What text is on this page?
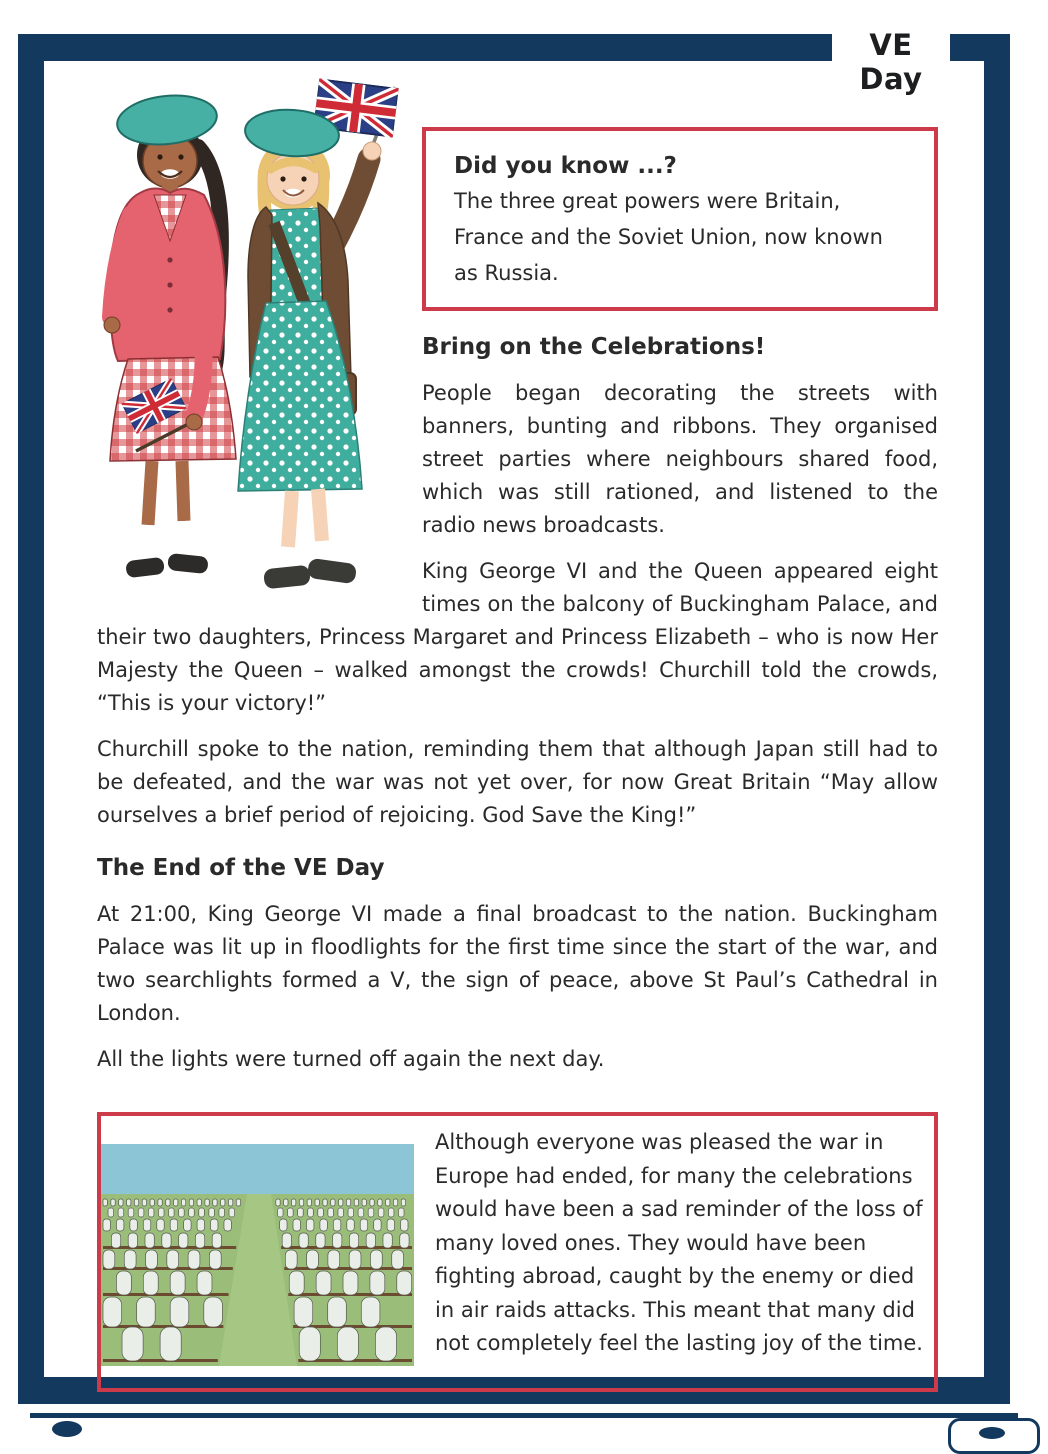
VE Day
Did you know ...?
The three great powers were Britain, France and the Soviet Union, now known as Russia.
Bring on the Celebrations!

People began decorating the streets with banners, bunting and ribbons. They organised street parties where neighbours shared food, which was still rationed, and listened to the radio news broadcasts.

King George VI and the Queen appeared eight times on the balcony of Buckingham Palace, and their two daughters, Princess Margaret and Princess Elizabeth – who is now Her Majesty the Queen – walked amongst the crowds! Churchill told the crowds, “This is your victory!”

Churchill spoke to the nation, reminding them that although Japan still had to be defeated, and the war was not yet over, for now Great Britain “May allow ourselves a brief period of rejoicing. God Save the King!”

The End of the VE Day

At 21:00, King George VI made a final broadcast to the nation. Buckingham Palace was lit up in floodlights for the first time since the start of the war, and two searchlights formed a V, the sign of peace, above St Paul’s Cathedral in London.

All the lights were turned off again the next day.

Although everyone was pleased the war in Europe had ended, for many the celebrations would have been a sad reminder of the loss of many loved ones. They would have been fighting abroad, caught by the enemy or died in air raids attacks. This meant that many did not completely feel the lasting joy of the time.
